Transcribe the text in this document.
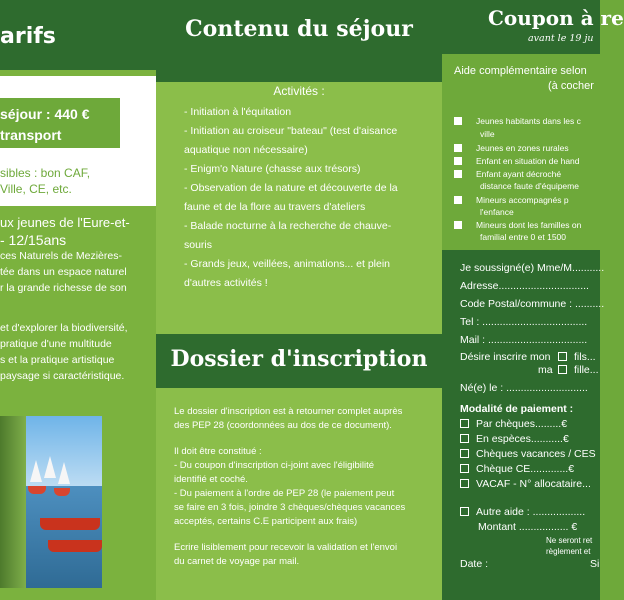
arifs
séjour : 440 €
transport
sibles : bon CAF,
Ville, CE, etc.
ux jeunes de l'Eure-et-
- 12/15ans
ces Naturels de Mezières-
tée dans un espace naturel
r la grande richesse de son
et d'explorer la biodiversité,
pratique d'une multitude
s et la pratique artistique
paysage si caractéristique.
Contenu du séjour
Activités :
- Initiation à l'équitation
- Initiation au croiseur "bateau" (test d'aisance
aquatique non nécessaire)
- Enigm'o Nature (chasse aux trésors)
- Observation de la nature et découverte de la
faune et de la flore au travers d'ateliers
- Balade nocturne à la recherche de chauve-
souris
- Grands jeux, veillées, animations... et plein
d'autres activités !
Dossier d'inscription
Le dossier d'inscription est à retourner complet auprès
des PEP 28 (coordonnées au dos de ce document).
Il doit être constitué :
- Du coupon d'inscription ci-joint avec l'éligibilité
identifié et coché.
- Du paiement à l'ordre de PEP 28 (le paiement peut
se faire en 3 fois, joindre 3 chèques/chèques vacances
acceptés, certains C.E participent aux frais)
Ecrire lisiblement pour recevoir la validation et l'envoi
du carnet de voyage par mail.
Coupon à re
avant le 19 ju
Aide complémentaire selon
(à cocher
Jeunes habitants dans les c
ville
Jeunes en zones rurales
Enfant en situation de hand
Enfant ayant décroché
distance faute d'équipeme
Mineurs accompagnés p
l'enfance
Mineurs dont les familles on
familial entre 0 et 1500
Je soussigné(e) Mme/M...........
Adresse...............................
Code Postal/commune : ..........
Tel : ....................................
Mail : ..................................
Désire inscrire mon	fils...
ma	fille...
Né(e) le : ............................
Modalité de paiement :
Par chèques.........€
En espèces...........€
Chèques vacances / CES
Chèque CE.............€
VACAF - N° allocataire...
Autre aide : ..................
Montant ................. €
Ne seront ret
règlement et
Date :	Si
